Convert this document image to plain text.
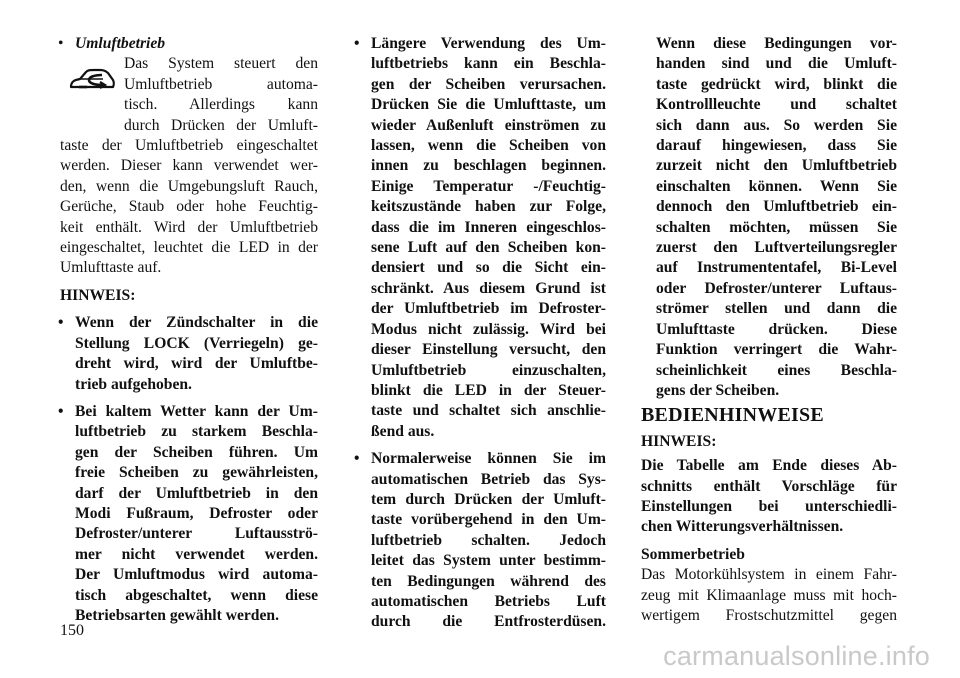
• Umluftbetrieb

Das System steuert den

Umluftbetrieb automa-

tisch. Allerdings kann

durch Drücken der Umluft-

taste der Umluftbetrieb eingeschaltet

werden. Dieser kann verwendet wer-

den, wenn die Umgebungsluft Rauch,

Gerüche, Staub oder hohe Feuchtig-

keit enthält. Wird der Umluftbetrieb

eingeschaltet, leuchtet die LED in der

Umlufttaste auf.

HINWEIS:

• Wenn der Zündschalter in die

Stellung LOCK (Verriegeln) ge-

dreht wird, wird der Umluftbe-

trieb aufgehoben.

• Bei kaltem Wetter kann der Um-

luftbetrieb zu starkem Beschla-

gen der Scheiben führen. Um

freie Scheiben zu gewährleisten,

darf der Umluftbetrieb in den

Modi Fußraum, Defroster oder

Defroster/unterer Luftausströ-

mer nicht verwendet werden.

Der Umluftmodus wird automa-

tisch abgeschaltet, wenn diese

Betriebsarten gewählt werden.

• Längere Verwendung des Um-

luftbetriebs kann ein Beschla-

gen der Scheiben verursachen.

Drücken Sie die Umlufttaste, um

wieder Außenluft einströmen zu

lassen, wenn die Scheiben von

innen zu beschlagen beginnen.

Einige Temperatur -/Feuchtig-

keitszustände haben zur Folge,

dass die im Inneren eingeschlos-

sene Luft auf den Scheiben kon-

densiert und so die Sicht ein-

schränkt. Aus diesem Grund ist

der Umluftbetrieb im Defroster-

Modus nicht zulässig. Wird bei

dieser Einstellung versucht, den

Umluftbetrieb einzuschalten,

blinkt die LED in der Steuer-

taste und schaltet sich anschlie-

ßend aus.

• Normalerweise können Sie im

automatischen Betrieb das Sys-

tem durch Drücken der Umluft-

taste vorübergehend in den Um-

luftbetrieb schalten. Jedoch

leitet das System unter bestimm-

ten Bedingungen während des

automatischen Betriebs Luft

durch die Entfrosterdüsen.

Wenn diese Bedingungen vor-

handen sind und die Umluft-

taste gedrückt wird, blinkt die

Kontrollleuchte und schaltet

sich dann aus. So werden Sie

darauf hingewiesen, dass Sie

zurzeit nicht den Umluftbetrieb

einschalten können. Wenn Sie

dennoch den Umluftbetrieb ein-

schalten möchten, müssen Sie

zuerst den Luftverteilungsregler

auf Instrumententafel, Bi-Level

oder Defroster/unterer Luftaus-

strömer stellen und dann die

Umlufttaste drücken. Diese

Funktion verringert die Wahr-

scheinlichkeit eines Beschla-

gens der Scheiben.

BEDIENHINWEISE

HINWEIS:

Die Tabelle am Ende dieses Ab-

schnitts enthält Vorschläge für

Einstellungen bei unterschiedli-

chen Witterungsverhältnissen.

Sommerbetrieb

Das Motorkühlsystem in einem Fahr-

zeug mit Klimaanlage muss mit hoch-

wertigem Frostschutzmittel gegen

150
carmanualsonline.info
